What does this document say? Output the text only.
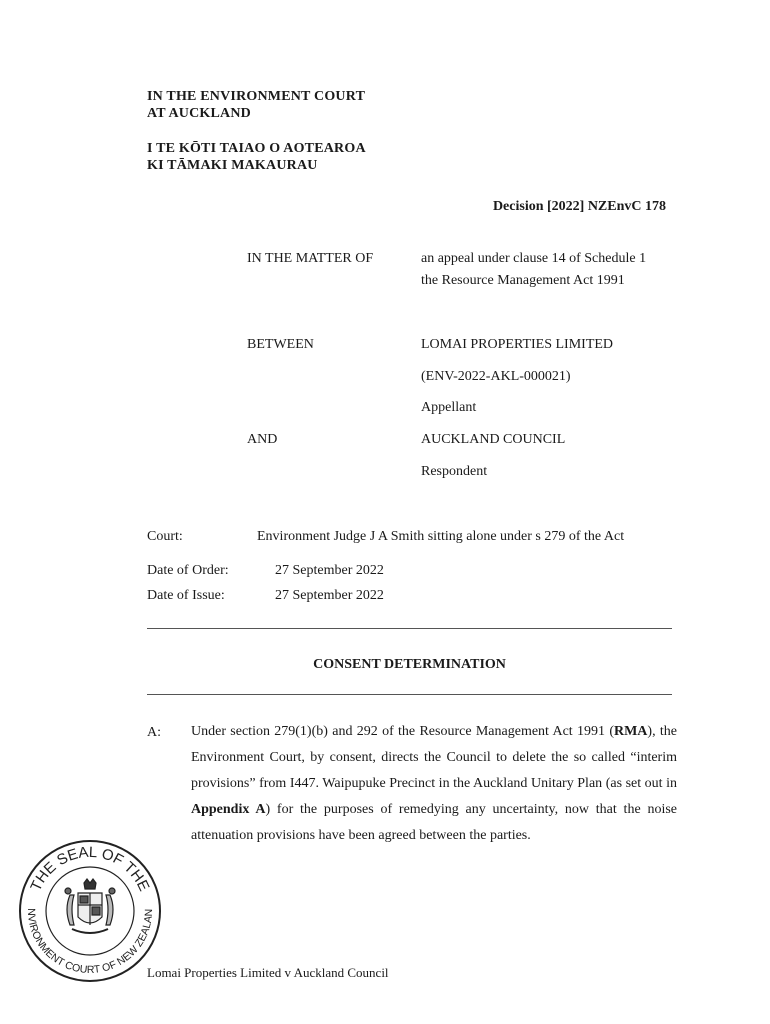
IN THE ENVIRONMENT COURT
AT AUCKLAND
I TE KŌTI TAIAO O AOTEAROA
KI TĀMAKI MAKAURAU
Decision [2022] NZEnvC 178
IN THE MATTER OF	an appeal under clause 14 of Schedule 1
the Resource Management Act 1991
BETWEEN	LOMAI PROPERTIES LIMITED
(ENV-2022-AKL-000021)
Appellant
AND	AUCKLAND COUNCIL
Respondent
Court:	Environment Judge J A Smith sitting alone under s 279 of the Act
Date of Order:	27 September 2022
Date of Issue:	27 September 2022
CONSENT DETERMINATION
A: Under section 279(1)(b) and 292 of the Resource Management Act 1991 (RMA), the Environment Court, by consent, directs the Council to delete the so called “interim provisions” from I447. Waipupuke Precinct in the Auckland Unitary Plan (as set out in Appendix A) for the purposes of remedying any uncertainty, now that the noise attenuation provisions have been agreed between the parties.
THE SEAL OF THE
NVIRONMENT COURT OF NEW ZEALAN
Lomai Properties Limited v Auckland Council
